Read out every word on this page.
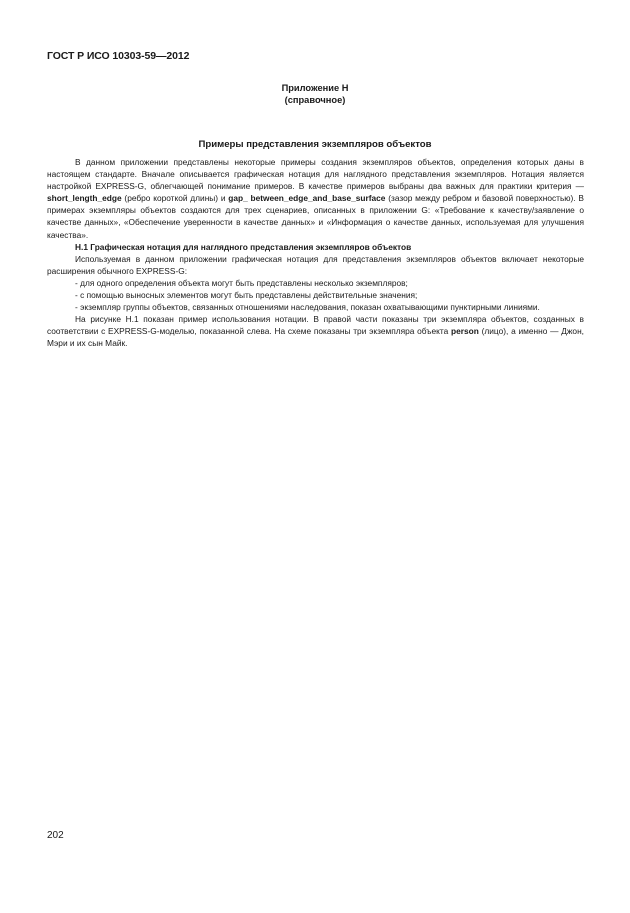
ГОСТ Р ИСО 10303-59—2012
Приложение Н
(справочное)
Примеры представления экземпляров объектов

В данном приложении представлены некоторые примеры создания экземпляров объектов, определения которых даны в настоящем стандарте. Вначале описывается графическая нотация для наглядного представления экземпляров. Нотация является настройкой EXPRESS-G, облегчающей понимание примеров. В качестве примеров выбраны два важных для практики критерия — short_length_edge (ребро короткой длины) и gap_ between_edge_and_base_surface (зазор между ребром и базовой поверхностью). В примерах экземпляры объектов создаются для трех сценариев, описанных в приложении G: «Требование к качеству/заявление о качестве данных», «Обеспечение уверенности в качестве данных» и «Информация о качестве данных, используемая для улучшения качества».

Н.1 Графическая нотация для наглядного представления экземпляров объектов

Используемая в данном приложении графическая нотация для представления экземпляров объектов включает некоторые расширения обычного EXPRESS-G:

- для одного определения объекта могут быть представлены несколько экземпляров;

- с помощью выносных элементов могут быть представлены действительные значения;

- экземпляр группы объектов, связанных отношениями наследования, показан охватывающими пунктирными линиями.

На рисунке Н.1 показан пример использования нотации. В правой части показаны три экземпляра объектов, созданных в соответствии с EXPRESS-G-моделью, показанной слева. На схеме показаны три экземпляра объекта person (лицо), а именно — Джон, Мэри и их сын Майк.

202
